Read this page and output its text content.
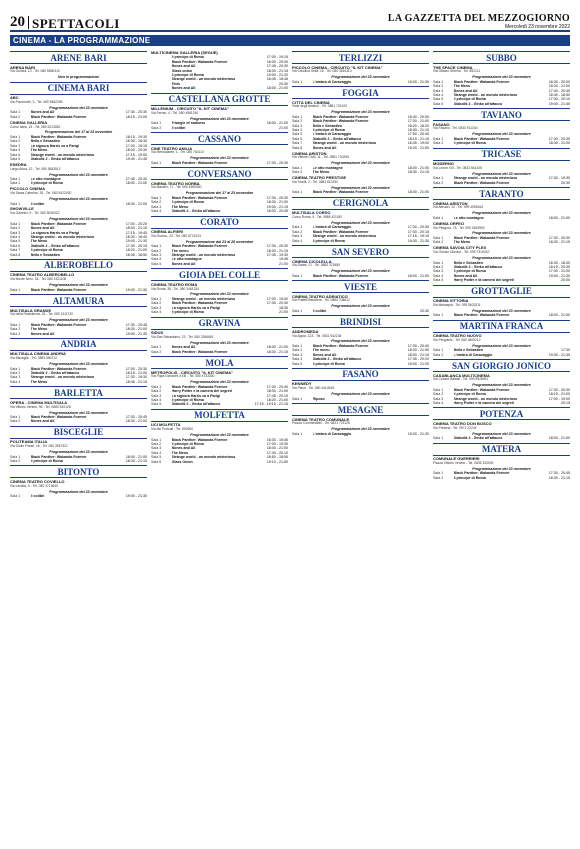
20 SPETTACOLI	LA GAZZETTA DEL MEZZOGIORNO
Mercoledì 23 novembre 2022
CINEMA - LA PROGRAMMAZIONE
ARENE BARI
ARENA BARI
Via Gorizia, 10 - Tel. 080 5560310
Non in programmazione
CINEMA BARI
ABC
Via Pavoncelli, 3 - Tel. 080 5562265
Programmazione del 23 novembre
Sala 1	Bones and All	17:30 - 20:30
Sala 2	Black Panther: Wakanda Forever	18:15 - 21:00
CINEMA GALLERIA
Corso Italia, 15 - Tel. 080 5213052
Programmazione del 17 al 23 novembre
Sala 1	Black Panther: Wakanda Forever	16:15 - 19:30
Sala 2	Bella e Sebastien	16:30 - 18:30
Sala 3	La signora Harris va a Parigi	17:00 - 19:15
Sala 4	The Menu	18:00 - 20:30
Sala 5	Strange world - un mondo misterioso	17:15 - 19:00
Sala 6	Diabolik 2 - Ginko all'attacco	19:40 - 21:45
ESEDRA
Largo Adua, 12 - Tel. 080 5483512
Programmazione del 23 novembre
Sala 1	Le otto montagne	17:45 - 20:30
Sala 2	Il principe di Roma	18:00 - 21:00
PICCOLO CINEMA
Via Santa Caterina, 28 - Tel. 080 5422430
Programmazione del 23 novembre
Sala 1	Il colibrì	18:30 - 21:00
SHOWVILLE
Via Giannini, 9 - Tel. 080 5026322
Programmazione del 23 novembre
Sala 1	Black Panther: Wakanda Forever	17:00 - 20:20
Sala 2	Bones and All	18:00 - 21:10
Sala 3	La signora Harris va a Parigi	17:15 - 19:45
Sala 4	Strange world - un mondo misterioso	16:30 - 18:40
Sala 5	The Menu	19:00 - 21:30
Sala 6	Diabolik 2 - Ginko all'attacco	17:30 - 20:15
Sala 7	Il principe di Roma	18:20 - 21:00
Sala 8	Bella e Sebastien	16:45 - 18:50
ALBEROBELLO
CINEMA TEATRO ALBEROBELLO
Via Monte Nero, 34 - Tel. 080 4321108
Programmazione del 23 novembre
Sala 1	Black Panther: Wakanda Forever	19:00 - 21:30
ALTAMURA
MULTISALA GRANDE
Via della Resistenza, 26 - Tel. 080 3111720
Programmazione del 23 novembre
Sala 1	Black Panther: Wakanda Forever	17:30 - 20:45
Sala 2	The Menu	18:30 - 21:00
Sala 3	Bones and All	19:00 - 21:30
ANDRIA
MULTISALA CINEMA ANDRIA
Via Bisceglie - Tel. 0883 556712
Programmazione del 23 novembre
Sala 1	Black Panther: Wakanda Forever	17:00 - 20:30
Sala 2	Diabolik 2 - Ginko all'attacco	18:15 - 21:00
Sala 3	Strange world - un mondo misterioso	17:30 - 19:30
Sala 4	The Menu	18:45 - 21:15
BARLETTA
OPERA - CINEMA MULTISALA
Via Vittorio Veneto, 96 - Tel. 0883 520126
Programmazione del 23 novembre
Sala 1	Black Panther: Wakanda Forever	17:30 - 20:45
Sala 2	Bones and All	18:30 - 21:00
BISCEGLIE
POLITEAMA ITALIA
Via Giulio Frisari, 16 - Tel. 080 3957321
Programmazione del 23 novembre
Sala 1	Black Panther: Wakanda Forever	18:00 - 21:00
Sala 2	Il principe di Roma	18:30 - 21:15
BITONTO
CINEMA TEATRO COVIELLO
Via Lavista, 5 - Tel. 080 3713640
Programmazione del 23 novembre
Sala 1	Il colibrì	19:00 - 21:30
MULTICINEMA GALLERIA (SEGUE)
Il principe di Roma	17:00 - 19:15
Black Panther: Wakanda Forever	16:30 - 20:00
Bones and All	17:45 - 20:30
Glass onion	18:30 - 21:15
Il principe di Roma	19:00 - 21:20
Strange world - un mondo misterioso	16:45 - 18:45
Elvis	20:30
Bones and All	18:00 - 21:00
CASTELLANA GROTTE
MILLENIUM - CIRCUITO "IL KIT CINEMA"
Via Ferrari, 4 - Tel. 080 4961240
Programmazione del 23 novembre
Sala 1	Triangle of sadness	18:00 - 21:00
Sala 2	Il colibrì	21:00
CASSANO
CINE TEATRO ANILIA
Via Mercadante, 1 - Tel. 080 764110
Programmazione del 23 novembre
Sala 1	Black Panther: Wakanda Forever	17:30 - 20:30
CONVERSANO
CINEMA TEATRO NORBA
Via Mazzini, 71 - Tel. 080 4955050
Programmazione del 17 al 23 novembre
Sala 1	Black Panther: Wakanda Forever	17:30 - 20:30
Sala 2	Il principe di Roma	18:30 - 21:00
Sala 3	The Menu	19:00 - 21:15
Sala 4	Diabolik 2 - Ginko all'attacco	18:00 - 20:45
CORATO
CINEMA ALFIERI
Via Duomo, 23 - Tel. 080 8721024
Programmazione dal 23 al 28 novembre
Sala 1	Black Panther: Wakanda Forever	17:30 - 20:30
Sala 2	The menu	18:30 - 21:15
Sala 3	Strange world - un mondo misterioso	17:45 - 19:30
Sala 4	Le otto montagne	19:45
Sala 5	Bones and All	21:00
GIOIA DEL COLLE
CINEMA TEATRO ROMA
Via Roma, 38 - Tel. 080 3481234
Programmazione del 23 novembre
Sala 1	Strange world - un mondo misterioso	17:00 - 19:00
Sala 2	Black Panther: Wakanda Forever	17:30 - 20:30
Sala 3	La signora Harris va a Parigi	18:30
Sala 4	Il principe di Roma	21:00
GRAVINA
SIDUS
Via San Sebastiano, 23 - Tel. 080 3266661
Programmazione del 23 novembre
Sala 1	Bones and All	18:00 - 21:00
Sala 2	Black Panther: Wakanda Forever	18:30 - 21:15
MOLA
METROPOLIS - CIRCUITO "IL KIT CINEMA"
Via Papa Giovanni XXIII - Tel. 080 4733330
Programmazione del 23 novembre
Sala 1	Black Panther: Wakanda Forever	17:30 - 20:40
Sala 2	Harry Potter e la camera dei segreti	18:00 - 21:00
Sala 3	La signora Harris va a Parigi	17:45 - 20:15
Sala 4	Il principe di Roma	18:20 - 21:00
Sala 5	Diabolik 2 - Ginko all'attacco	17:15 - 19:15 - 21:15
MOLFETTA
UCI MOLFETTA
Via dei Portuali - Tel. 892960
Programmazione del 23 novembre
Sala 1	Black Panther: Wakanda Forever	16:30 - 19:45
Sala 2	Il principe di Roma	17:00 - 19:30
Sala 3	Bones and All	18:00 - 21:00
Sala 4	The Menu	17:40 - 20:10
Sala 5	Strange world - un mondo misterioso	16:50 - 18:55
Sala 6	Glass Onion	19:10 - 21:50
TERLIZZI
PICCOLO CINEMA - CIRCUITO "IL KIT CINEMA"
Via Carolina Sella, 16 - Tel. 080 3516110
Programmazione del 23 novembre
Sala 1	L'ombra di Caravaggio	19:00 - 21:30
FOGGIA
CITTÀ DEL CINEMA
Viale degli Aviatori - Tel. 0881 724100
Programmazione del 23 novembre
Sala 1	Black Panther: Wakanda Forever	16:40 - 20:00
Sala 2	Black Panther: Wakanda Forever	17:30 - 21:00
Sala 3	Bella e Sebastien	16:20 - 18:20
Sala 4	Il principe di Roma	18:30 - 21:10
Sala 5	L'ombra di Caravaggio	17:50 - 20:40
Sala 6	Diabolik 2 - Ginko all'attacco	18:15 - 21:15
Sala 7	Strange world - un mondo misterioso	16:45 - 19:00
Sala 8	Bones and All	19:20 - 21:50
CINEMA ARISTON
Via Vittime Civili, 11 - Tel. 0881 720255
Programmazione del 23 novembre
Sala 1	Le otto montagne	18:00 - 21:00
Sala 2	The Menu	18:30 - 21:15
CINEMA TEATRO PRESTIGE
Via Torelli, 2 - Tel. 0881 610332
Programmazione del 23 novembre
Sala 1	Black Panther: Wakanda Forever	18:00 - 21:00
CERIGNOLA
MULTISALA CORSO
Corso Roma, 5 - Tel. 0885 421180
Programmazione del 23 novembre
Sala 1	L'ombra di Caravaggio	17:30 - 20:30
Sala 2	Black Panther: Wakanda Forever	17:00 - 20:15
Sala 3	Strange world - un mondo misterioso	17:15 - 19:15
Sala 4	Il principe di Roma	19:30 - 21:30
SAN SEVERO
CINEMA CICOLELLA
Via Dante, 21 - Tel. 0882 375450
Programmazione del 23 novembre
Sala 1	Black Panther: Wakanda Forever	18:00 - 21:00
VIESTE
CINEMA TEATRO ADRIATICO
Via Fratelli Bandiera - Tel. 0884 708612
Programmazione del 23 novembre
Sala 1	Il colibrì	20:30
BRINDISI
ANDROMEDA
Via Appia, 123 - Tel. 0831 542234
Programmazione del 23 novembre
Sala 1	Black Panther: Wakanda Forever	17:30 - 20:40
Sala 2	The menu	18:30 - 21:00
Sala 3	Bones and All	18:00 - 21:10
Sala 4	Diabolik 2 - Ginko all'attacco	17:45 - 20:20
Sala 5	Il principe di Roma	19:00 - 21:20
FASANO
KENNEDY
Via Piave - Tel. 080 4414545
Programmazione del 23 novembre
Sala 1	Riposo
MESAGNE
CINEMA TEATRO COMUNALE
Piazza Commestibili - Tel. 0831 776125
Programmazione del 23 novembre
Sala 1	L'ombra di Caravaggio	19:00 - 21:30
SUBBO
THE SPACE CINEMA
Via Ottavio Serena - Tel. 892111
Programmazione del 23 novembre
Sala 1	Black Panther: Wakanda Forever	16:30 - 20:00
Sala 2	The Menu	18:20 - 21:00
Sala 3	Bones and All	17:40 - 20:40
Sala 4	Strange world - un mondo misterioso	16:40 - 18:50
Sala 5	Il principe di Roma	17:30 - 20:10
Sala 6	Diabolik 2 - Ginko all'attacco	19:00 - 21:40
TAVIANO
FASANO
Via Fasano - Tel. 0833 911334
Programmazione del 23 novembre
Sala 1	Black Panther: Wakanda Forever	17:30 - 20:30
Sala 2	Il principe di Roma	18:30 - 21:00
TRICASE
MODERNO
Via Leone XIII - Tel. 0833 544105
Programmazione del 23 novembre
Sala 1	Strange world - un mondo misterioso	17:30 - 19:30
Sala 2	Black Panther: Wakanda Forever	20:30
TARANTO
CINEMA ARISTON
Via Abruzzi, 12 - Tel. 099 4596344
Programmazione del 23 novembre
Sala 1	Le otto montagne	18:00 - 21:00
CINEMA ORFEO
Via Pitagora, 78 - Tel. 099 4533590
Programmazione del 23 novembre
Sala 1	Black Panther: Wakanda Forever	17:30 - 20:30
Sala 2	The Menu	18:30 - 21:15
CINEMA SAVOIA CITY PLEX
Via Giovan Giovine - Tel. 099 7310010
Programmazione del 23 novembre
Sala 1	Bella e Sebastien	16:30 - 18:30
Sala 2	Diabolik 2 - Ginko all'attacco	18:15 - 20:30
Sala 3	Il principe di Roma	17:30 - 21:00
Sala 4	Bones and All	19:00 - 21:30
Sala 5	Harry Potter e la camera dei segreti	20:00
GROTTAGLIE
CINEMA VITTORIA
Via Messapia - Tel. 099 5623211
Programmazione del 23 novembre
Sala 1	Black Panther: Wakanda Forever	18:00 - 21:00
MARTINA FRANCA
CINEMA TEATRO NUOVO
Via Pergolesi - Tel. 080 4805212
Programmazione del 23 novembre
Sala 1	Bella e Sebastien	17:30
Sala 2	L'ombra di Caravaggio	19:30 - 21:30
SAN GIORGIO JONICO
CASABLANCA MULTICINEMA
Via Cesare Battisti - Tel. 099 5928451
Programmazione del 23 novembre
Sala 1	Black Panther: Wakanda Forever	17:30 - 20:30
Sala 2	Il principe di Roma	18:15 - 21:00
Sala 3	Strange world - un mondo misterioso	17:00 - 19:00
Sala 4	Harry Potter e la camera dei segreti	20:15
POTENZA
CINEMA TEATRO DON BOSCO
Via Pretoria - Tel. 0971 22244
Programmazione del 23 novembre
Sala 1	Diabolik 2 - Ginko all'attacco	18:00 - 21:00
MATERA
COMUNALE GUERRIERI
Piazza Vittorio Veneto - Tel. 0835 333003
Programmazione del 23 novembre
Sala 1	Black Panther: Wakanda Forever	17:30 - 20:45
Sala 2	Il principe di Roma	18:30 - 21:15
